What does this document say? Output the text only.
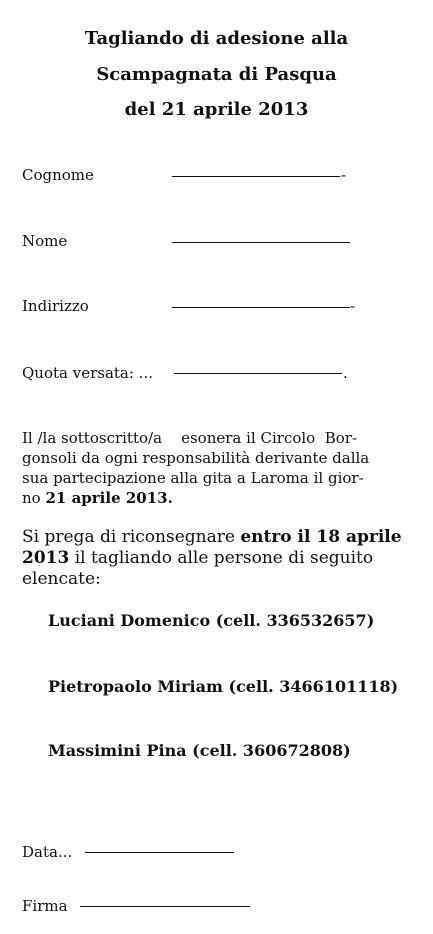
Tagliando di adesione alla
Scampagnata di Pasqua
del 21 aprile 2013
Cognome	-
Nome
Indirizzo	-
Quota versata: ...	.
Il /la sottoscritto/a    esonera il Circolo  Bor-
gonsoli da ogni responsabilità derivante dalla
sua partecipazione alla gita a Laroma il gior-
no 21 aprile 2013.
Si prega di riconsegnare entro il 18 aprile 2013 il tagliando alle persone di seguito elencate:
Luciani Domenico (cell. 336532657)
Pietropaolo Miriam (cell. 3466101118)
Massimini Pina (cell. 360672808)
Data...
Firma
